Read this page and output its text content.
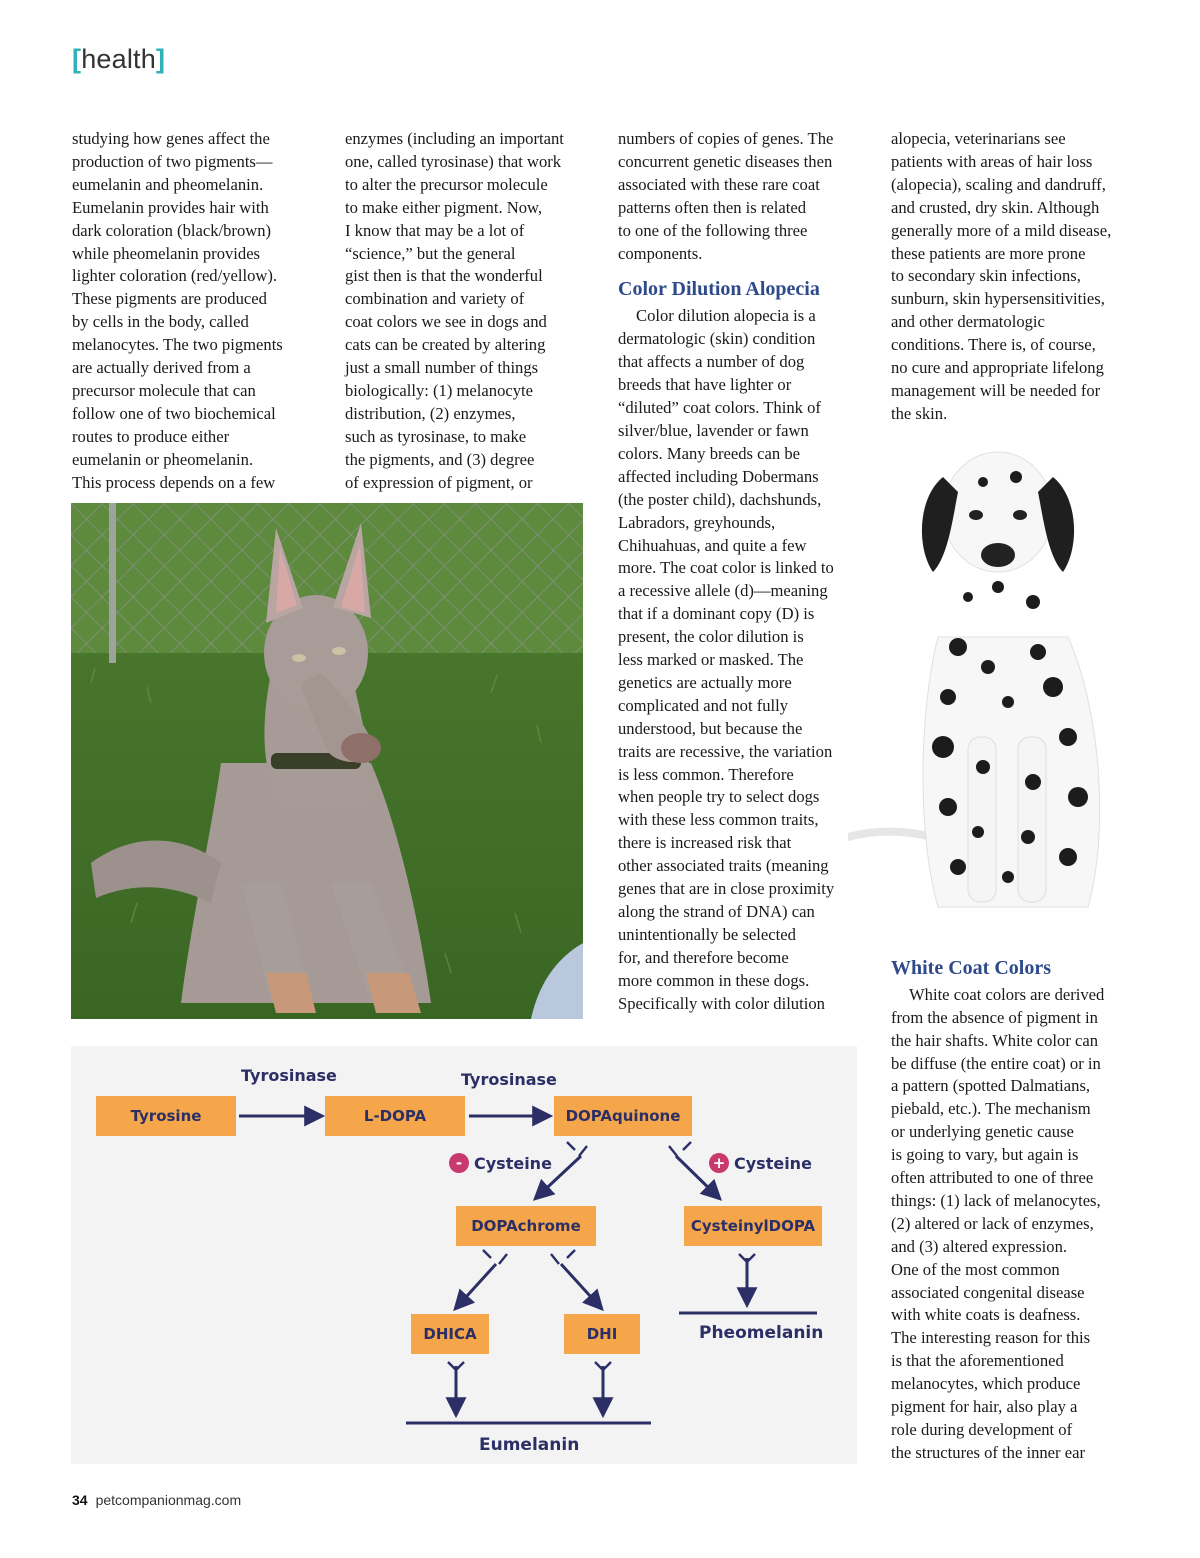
[health]

studying how genes affect the
production of two pigments—
eumelanin and pheomelanin.
Eumelanin provides hair with
dark coloration (black/brown)
while pheomelanin provides
lighter coloration (red/yellow).
These pigments are produced
by cells in the body, called
melanocytes. The two pigments
are actually derived from a
precursor molecule that can
follow one of two biochemical
routes to produce either
eumelanin or pheomelanin.
This process depends on a few

enzymes (including an important
one, called tyrosinase) that work
to alter the precursor molecule
to make either pigment. Now,
I know that may be a lot of
“science,” but the general
gist then is that the wonderful
combination and variety of
coat colors we see in dogs and
cats can be created by altering
just a small number of things
biologically: (1) melanocyte
distribution, (2) enzymes,
such as tyrosinase, to make
the pigments, and (3) degree
of expression of pigment, or

numbers of copies of genes. The
concurrent genetic diseases then
associated with these rare coat
patterns often then is related
to one of the following three
components.

Color Dilution Alopecia

Color dilution alopecia is a
dermatologic (skin) condition
that affects a number of dog
breeds that have lighter or
“diluted” coat colors. Think of
silver/blue, lavender or fawn
colors. Many breeds can be
affected including Dobermans
(the poster child), dachshunds,
Labradors, greyhounds,
Chihuahuas, and quite a few
more. The coat color is linked to
a recessive allele (d)—meaning
that if a dominant copy (D) is
present, the color dilution is
less marked or masked. The
genetics are actually more
complicated and not fully
understood, but because the
traits are recessive, the variation
is less common. Therefore
when people try to select dogs
with these less common traits,
there is increased risk that
other associated traits (meaning
genes that are in close proximity
along the strand of DNA) can
unintentionally be selected
for, and therefore become
more common in these dogs.
Specifically with color dilution

alopecia, veterinarians see
patients with areas of hair loss
(alopecia), scaling and dandruff,
and crusted, dry skin. Although
generally more of a mild disease,
these patients are more prone
to secondary skin infections,
sunburn, skin hypersensitivities,
and other dermatologic
conditions. There is, of course,
no cure and appropriate lifelong
management will be needed for
the skin.

White Coat Colors

White coat colors are derived
from the absence of pigment in
the hair shafts. White color can
be diffuse (the entire coat) or in
a pattern (spotted Dalmatians,
piebald, etc.). The mechanism
or underlying genetic cause
is going to vary, but again is
often attributed to one of three
things: (1) lack of melanocytes,
(2) altered or lack of enzymes,
and (3) altered expression.
One of the most common
associated congenital disease
with white coats is deafness.
The interesting reason for this
is that the aforementioned
melanocytes, which produce
pigment for hair, also play a
role during development of
the structures of the inner ear

Tyrosine	L-DOPA	DOPAquinone
DOPAchrome	CysteinylDOPA
DHICA	DHI
Tyrosinase	Tyrosinase
- Cysteine	+ Cysteine
Pheomelanin
Eumelanin
34 petcompanionmag.com
